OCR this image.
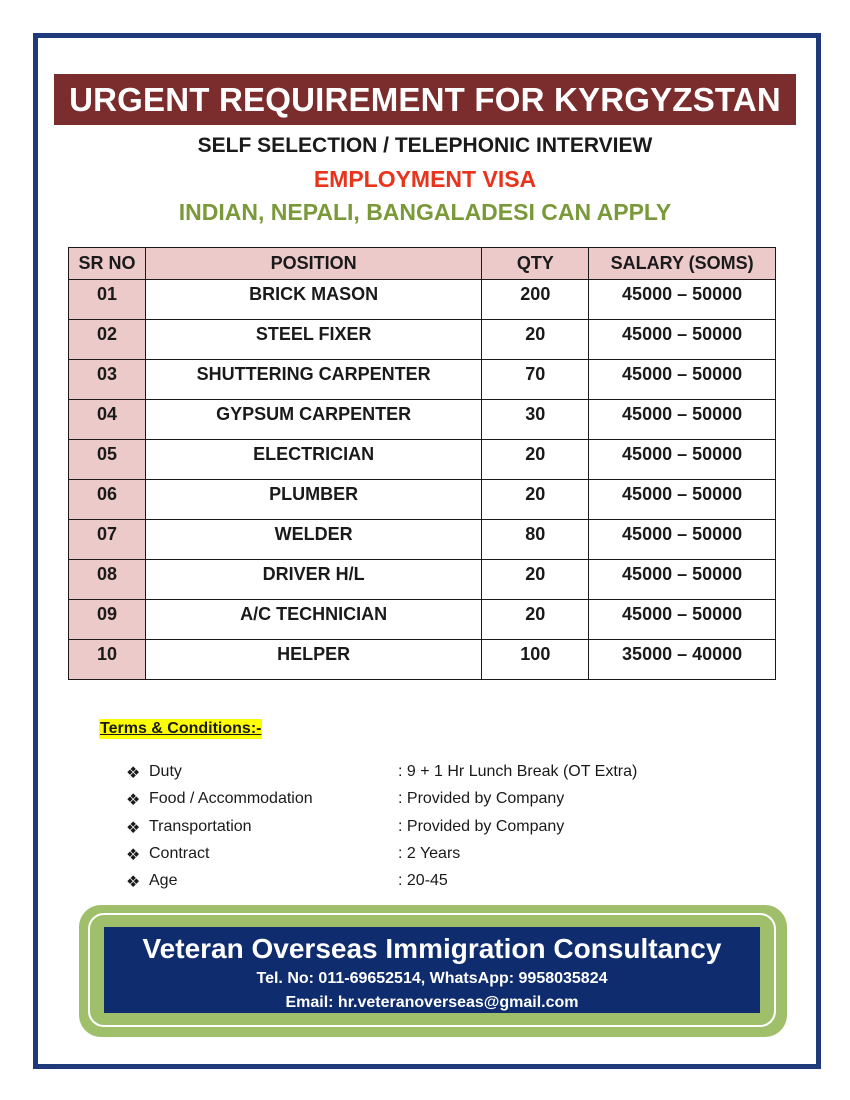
URGENT REQUIREMENT FOR KYRGYZSTAN
SELF SELECTION / TELEPHONIC INTERVIEW
EMPLOYMENT VISA
INDIAN, NEPALI, BANGALADESI CAN APPLY
SR NO	POSITION	QTY	SALARY (SOMS)
01	BRICK MASON	200	45000 – 50000
02	STEEL FIXER	20	45000 – 50000
03	SHUTTERING CARPENTER	70	45000 – 50000
04	GYPSUM CARPENTER	30	45000 – 50000
05	ELECTRICIAN	20	45000 – 50000
06	PLUMBER	20	45000 – 50000
07	WELDER	80	45000 – 50000
08	DRIVER H/L	20	45000 – 50000
09	A/C TECHNICIAN	20	45000 – 50000
10	HELPER	100	35000 – 40000
Terms & Conditions:-
❖ Duty	: 9 + 1 Hr Lunch Break (OT Extra)
❖ Food / Accommodation	: Provided by Company
❖ Transportation	: Provided by Company
❖ Contract	: 2 Years
❖ Age	: 20-45
Veteran Overseas Immigration Consultancy
Tel. No: 011-69652514, WhatsApp: 9958035824
Email: hr.veteranoverseas@gmail.com
